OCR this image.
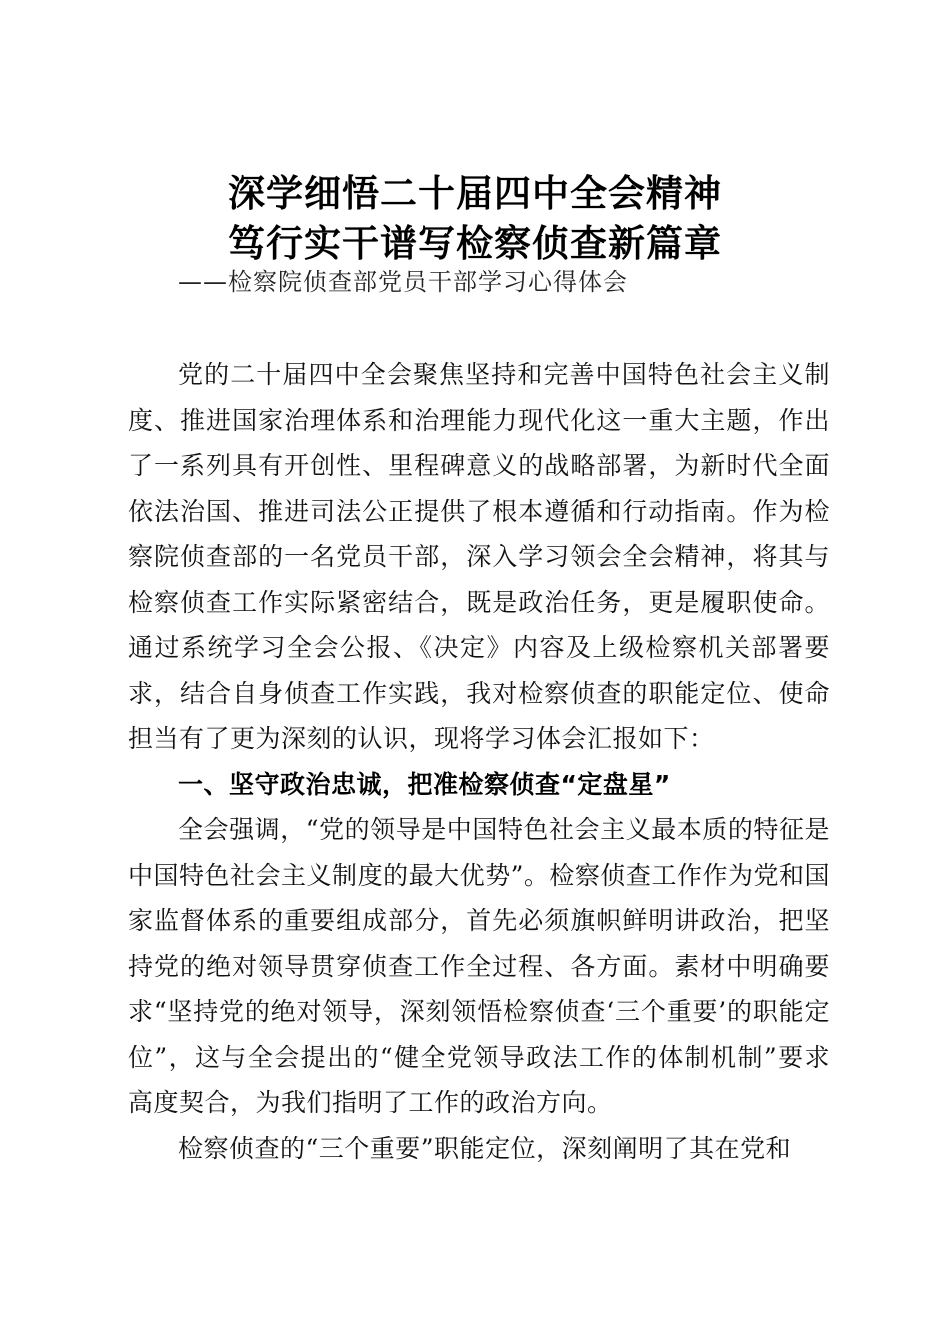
深学细悟二十届四中全会精神

笃行实干谱写检察侦查新篇章

——检察院侦查部党员干部学习心得体会

党的二十届四中全会聚焦坚持和完善中国特色社会主义制度、推进国家治理体系和治理能力现代化这一重大主题，作出了一系列具有开创性、里程碑意义的战略部署，为新时代全面依法治国、推进司法公正提供了根本遵循和行动指南。作为检察院侦查部的一名党员干部，深入学习领会全会精神，将其与检察侦查工作实际紧密结合，既是政治任务，更是履职使命。通过系统学习全会公报、《决定》内容及上级检察机关部署要求，结合自身侦查工作实践，我对检察侦查的职能定位、使命担当有了更为深刻的认识，现将学习体会汇报如下：

一、坚守政治忠诚，把准检察侦查“定盘星”

全会强调，“党的领导是中国特色社会主义最本质的特征是中国特色社会主义制度的最大优势”。检察侦查工作作为党和国家监督体系的重要组成部分，首先必须旗帜鲜明讲政治，把坚持党的绝对领导贯穿侦查工作全过程、各方面。素材中明确要求“坚持党的绝对领导，深刻领悟检察侦查‘三个重要’的职能定位”，这与全会提出的“健全党领导政法工作的体制机制”要求高度契合，为我们指明了工作的政治方向。

检察侦查的“三个重要”职能定位，深刻阐明了其在党和
